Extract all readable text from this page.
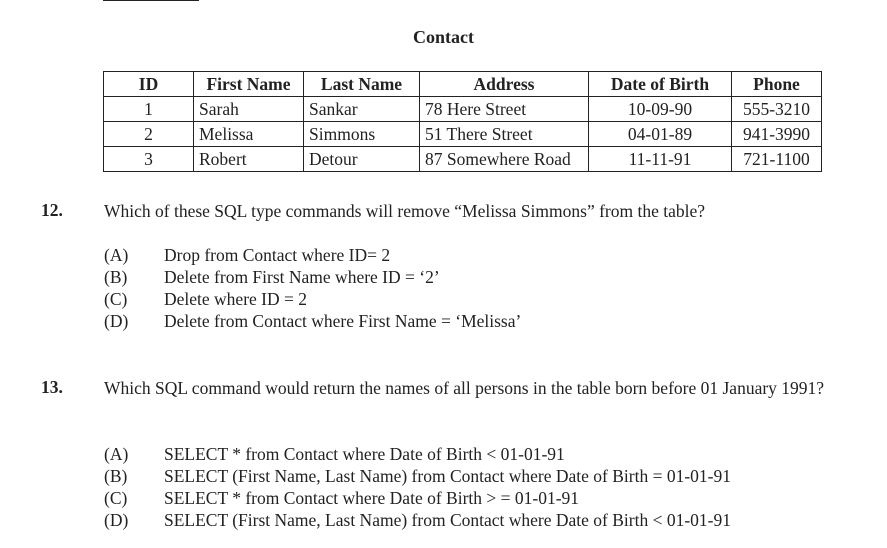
Contact
ID	First Name	Last Name	Address	Date of Birth	Phone
1	Sarah	Sankar	78 Here Street	10-09-90	555-3210
2	Melissa	Simmons	51 There Street	04-01-89	941-3990
3	Robert	Detour	87 Somewhere Road	11-11-91	721-1100
12. Which of these SQL type commands will remove “Melissa Simmons” from the table?
(A) Drop from Contact where ID= 2
(B) Delete from First Name where ID = ‘2’
(C) Delete where ID = 2
(D) Delete from Contact where First Name = ‘Melissa’
13. Which SQL command would return the names of all persons in the table born before 01 January 1991?
(A) SELECT * from Contact where Date of Birth < 01-01-91
(B) SELECT (First Name, Last Name) from Contact where Date of Birth = 01-01-91
(C) SELECT * from Contact where Date of Birth > = 01-01-91
(D) SELECT (First Name, Last Name) from Contact where Date of Birth < 01-01-91
